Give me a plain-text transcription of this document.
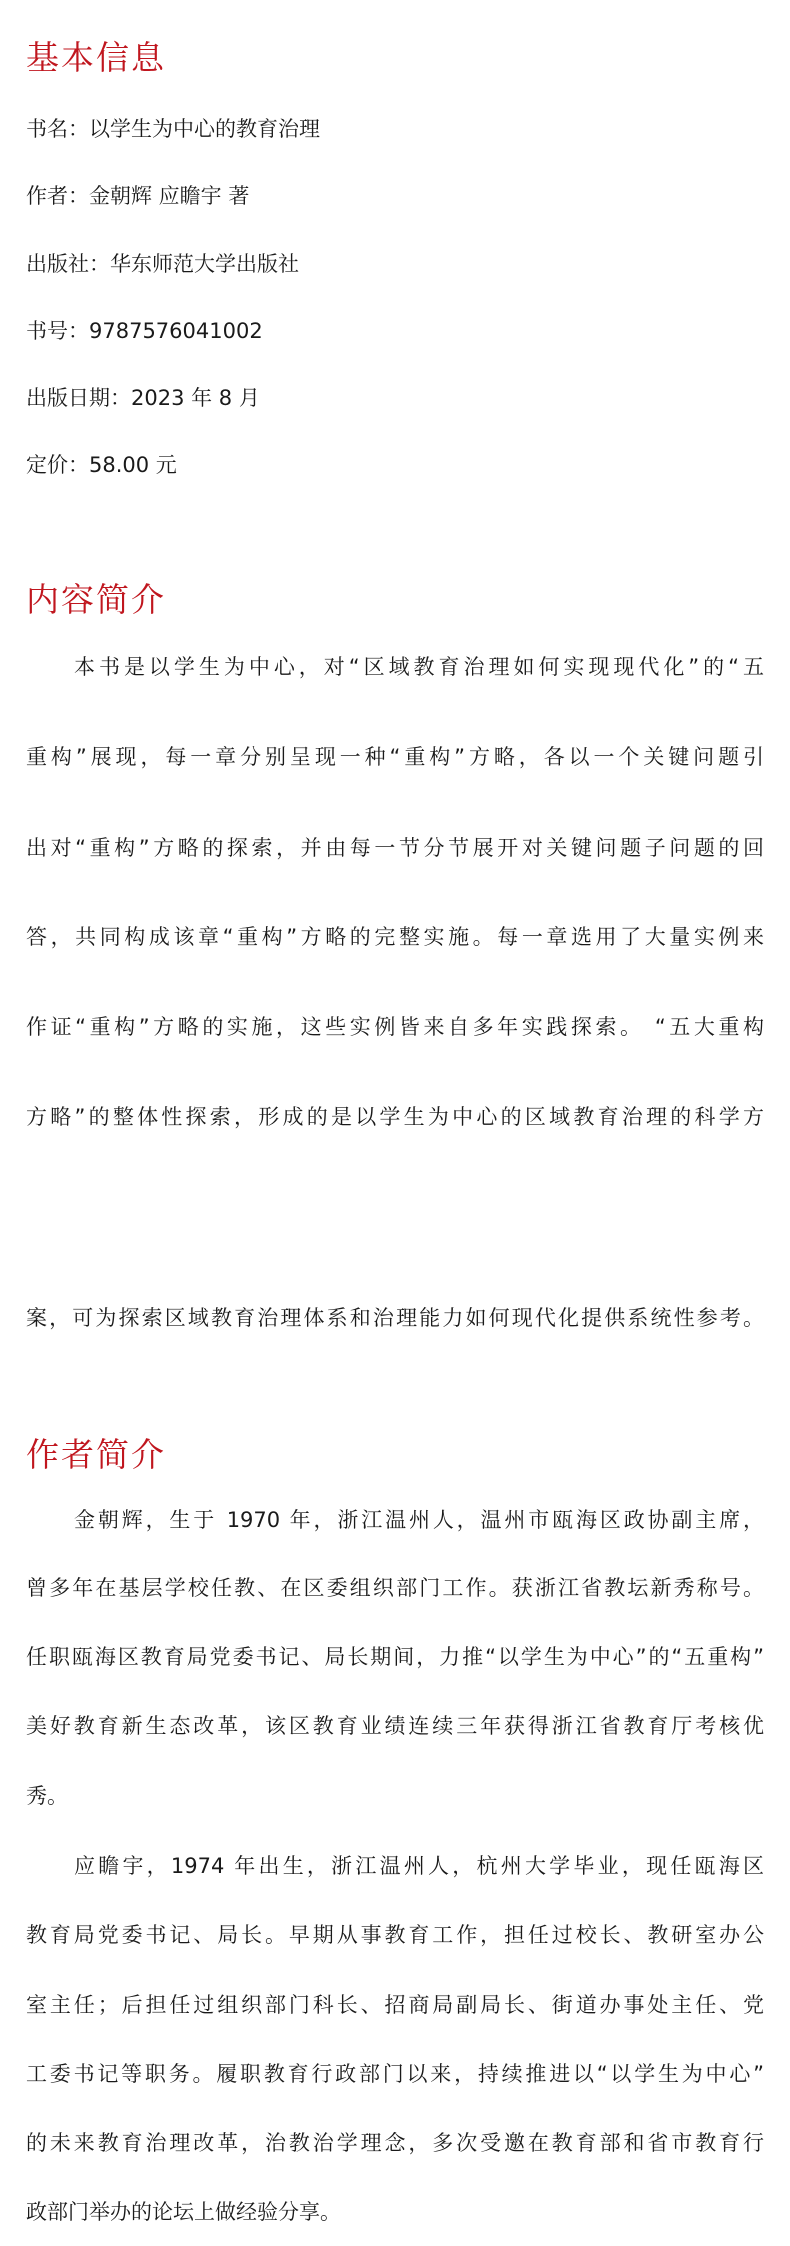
基本信息

书名：以学生为中心的教育治理

作者：金朝辉 应瞻宇 著

出版社：华东师范大学出版社

书号：9787576041002

出版日期：2023 年 8 月

定价：58.00 元

内容简介

本书是以学生为中心，对“区域教育治理如何实现现代化”的“五

重构”展现，每一章分别呈现一种“重构”方略，各以一个关键问题引

出对“重构”方略的探索，并由每一节分节展开对关键问题子问题的回

答，共同构成该章“重构”方略的完整实施。每一章选用了大量实例来

作证“重构”方略的实施，这些实例皆来自多年实践探索。 “五大重构

方略”的整体性探索，形成的是以学生为中心的区域教育治理的科学方

案，可为探索区域教育治理体系和治理能力如何现代化提供系统性参考。

作者简介

金朝辉，生于 1970 年，浙江温州人，温州市瓯海区政协副主席，

曾多年在基层学校任教、在区委组织部门工作。获浙江省教坛新秀称号。

任职瓯海区教育局党委书记、局长期间，力推“以学生为中心”的“五重构”

美好教育新生态改革，该区教育业绩连续三年获得浙江省教育厅考核优

秀。

应瞻宇，1974 年出生，浙江温州人，杭州大学毕业，现任瓯海区

教育局党委书记、局长。早期从事教育工作，担任过校长、教研室办公

室主任；后担任过组织部门科长、招商局副局长、街道办事处主任、党

工委书记等职务。履职教育行政部门以来，持续推进以“以学生为中心”

的未来教育治理改革，治教治学理念，多次受邀在教育部和省市教育行

政部门举办的论坛上做经验分享。
